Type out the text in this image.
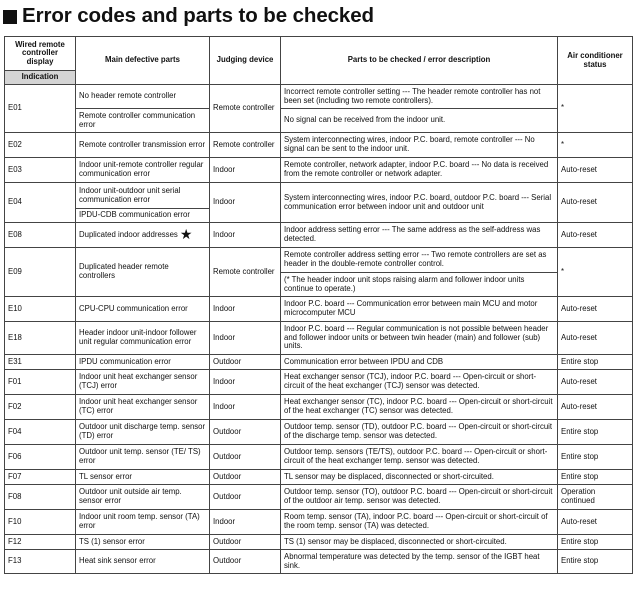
Error codes and parts to be checked
Wired remote controller display	Main defective parts	Judging device	Parts to be checked / error description	Air conditioner status
Indication				
E01	No header remote controller	Remote controller	Incorrect remote controller setting --- The header remote controller has not been set (including two remote controllers).	*
	Remote controller communication error		No signal can be received from the indoor unit.	
E02	Remote controller transmission error	Remote controller	System interconnecting wires, indoor P.C. board, remote controller --- No signal can be sent to the indoor unit.	*
E03	Indoor unit-remote controller regular communication error	Indoor	Remote controller, network adapter, indoor P.C. board --- No data is received from the remote controller or network adapter.	Auto-reset
E04	Indoor unit-outdoor unit serial communication error	Indoor	System interconnecting wires, indoor P.C. board, outdoor P.C. board --- Serial communication error between indoor unit and outdoor unit	Auto-reset
	IPDU-CDB communication error			
E08	Duplicated indoor addresses ★	Indoor	Indoor address setting error --- The same address as the self-address was detected.	Auto-reset
E09	Duplicated header remote controllers	Remote controller	Remote controller address setting error --- Two remote controllers are set as header in the double-remote controller control.	*
			(* The header indoor unit stops raising alarm and follower indoor units continue to operate.)	
E10	CPU-CPU communication error	Indoor	Indoor P.C. board --- Communication error between main MCU and motor microcomputer MCU	Auto-reset
E18	Header indoor unit-indoor follower unit regular communication error	Indoor	Indoor P.C. board --- Regular communication is not possible between header and follower indoor units or between twin header (main) and follower (sub) units.	Auto-reset
E31	IPDU communication error	Outdoor	Communication error between IPDU and CDB	Entire stop
F01	Indoor unit heat exchanger sensor (TCJ) error	Indoor	Heat exchanger sensor (TCJ), indoor P.C. board --- Open-circuit or short-circuit of the heat exchanger (TCJ) sensor was detected.	Auto-reset
F02	Indoor unit heat exchanger sensor (TC) error	Indoor	Heat exchanger sensor (TC), indoor P.C. board --- Open-circuit or short-circuit of the heat exchanger (TC) sensor was detected.	Auto-reset
F04	Outdoor unit discharge temp. sensor (TD) error	Outdoor	Outdoor temp. sensor (TD), outdoor P.C. board --- Open-circuit or short-circuit of the discharge temp. sensor was detected.	Entire stop
F06	Outdoor unit temp. sensor (TE/ TS) error	Outdoor	Outdoor temp. sensors (TE/TS), outdoor P.C. board --- Open-circuit or short-circuit of the heat exchanger temp. sensor was detected.	Entire stop
F07	TL sensor error	Outdoor	TL sensor may be displaced, disconnected or short-circuited.	Entire stop
F08	Outdoor unit outside air temp. sensor error	Outdoor	Outdoor temp. sensor (TO), outdoor P.C. board --- Open-circuit or short-circuit of the outdoor air temp. sensor was detected.	Operation continued
F10	Indoor unit room temp. sensor (TA) error	Indoor	Room temp. sensor (TA), indoor P.C. board --- Open-circuit or short-circuit of the room temp. sensor (TA) was detected.	Auto-reset
F12	TS (1) sensor error	Outdoor	TS (1) sensor may be displaced, disconnected or short-circuited.	Entire stop
F13	Heat sink sensor error	Outdoor	Abnormal temperature was detected by the temp. sensor of the IGBT heat sink.	Entire stop
